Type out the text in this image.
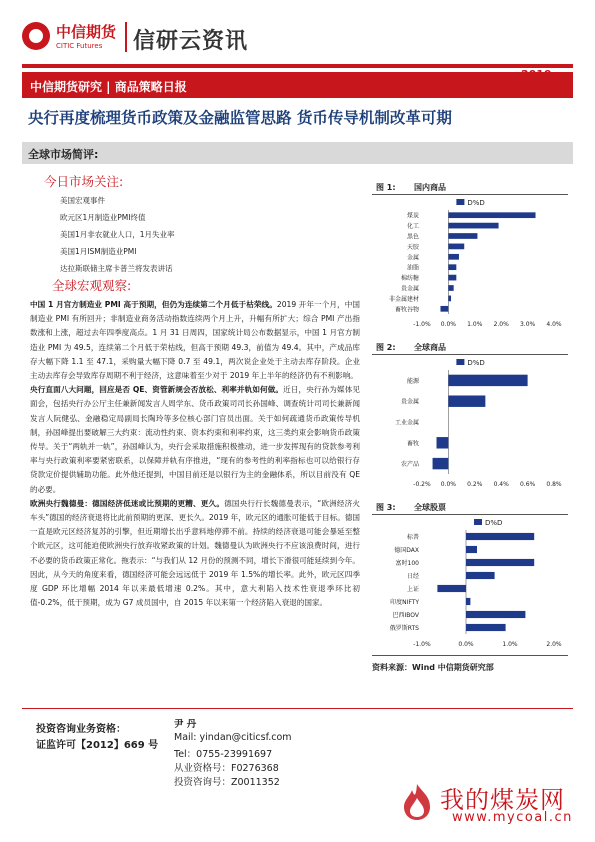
中信期货
CITIC Futures 信研云资讯
中信期货研究 | 商品策略日报
2019
2-1
央行再度梳理货币政策及金融监管思路 货币传导机制改革可期
全球市场简评:
今日市场关注:
美国宏观事件
欧元区1月制造业PMI终值
美国1月非农就业人口，1月失业率
美国1月ISM制造业PMI
达拉斯联储主席卡普兰将发表讲话
全球宏观观察:

中国 1 月官方制造业 PMI 高于预期，但仍为连续第二个月低于枯荣线。2019 开年一个月，中国制造业 PMI 有所回升；非制造业商务活动指数连续两个月上升，升幅有所扩大；综合 PMI 产出指数涨和上涨，超过去年四季度高点。1 月 31 日周四，国家统计局公布数据显示，中国 1 月官方制造业 PMI 为 49.5，连续第二个月低于荣枯线，但高于预期 49.3，前值为 49.4。其中，产成品库存大幅下降 1.1 至 47.1，采购量大幅下降 0.7 至 49.1，两次说企业处于主动去库存阶段。企业主动去库存会导致库存周期不利于经济，这意味着至少对于 2019 年上半年的经济仍有不利影响。

央行直面八大问题，回应是否 QE、资管新规会否放松、利率并轨如何做。近日，央行孙为媒体见面会，包括央行办公厅主任兼新闻发言人周学东、货币政策司司长孙国峰、调查统计司司长兼新闻发言人阮健弘、金融稳定局副局长陶玲等多位核心部门官员出面。关于如何疏通货币政策传导机制，孙国峰提出要破解三大约束：流动性约束、资本约束和利率约束，这三类约束会影响货币政策传导。关于“两轨并一轨”，孙国峰认为，央行会采取措施积极推动，进一步发挥现有的贷款参考利率与央行政策利率要紧密联系，以保障并轨有序推进，“现有的参考性的利率指标也可以给银行存贷款定价提供辅助功能。此外他还提到，中国目前还是以银行为主的金融体系，所以目前没有 QE 的必要。

欧洲央行魏德曼：德国经济低迷或比预期的更糟、更久。德国央行行长魏德曼表示，“欧洲经济火车头”德国的经济衰退将比此前预期的更深、更长久。2019 年，欧元区的通胀可能低于目标。德国一直是欧元区经济复苏的引擎，但近期增长出乎意料地停滞不前。持续的经济衰退可能会暴延至整个欧元区，这可能迫使欧洲央行放弃收紧政策的计划。魏德曼认为欧洲央行不应该浪费时间，进行不必要的货币政策正常化。拖表示：“与我们从 12 月份的预测不同，增长下滑很可能延续到今年。因此，从今天的角度来看，德国经济可能会远远低于 2019 年 1.5%的增长率。此外，欧元区四季度 GDP 环比增幅 2014 年以来最低增速 0.2%。其中，意大利陷入技术性衰退季环比初值-0.2%，低于预期，成为 G7 成员国中，自 2015 年以来第一个经济陷入衰退的国家。

图 1: 国内商品
D%D
煤炭
化工
黑色
天胶
金属
油脂
棉纺糖
贵金属
非金属建材
畜牧谷物
-1.0% 0.0% 1.0% 2.0% 3.0% 4.0%
图 2: 全球商品
D%D
能源
贵金属
工业金属
畜牧
农产品
-0.2% 0.0% 0.2% 0.4% 0.6% 0.8%
图 3: 全球股票
D%D
标普
德国DAX
富时100
日经
上证
印度NIFTY
巴西IBOV
俄罗斯RTS
-1.0%	0.0%	1.0%	2.0%
资料来源：Wind 中信期货研究部
投资咨询业务资格：
证监许可【2012】669 号
尹 丹
Mail: yindan@citicsf.com
Tel：0755-23991697
从业资格号：F0276368
投资咨询号：Z0011352
我的煤炭网
www.mycoal.cn
